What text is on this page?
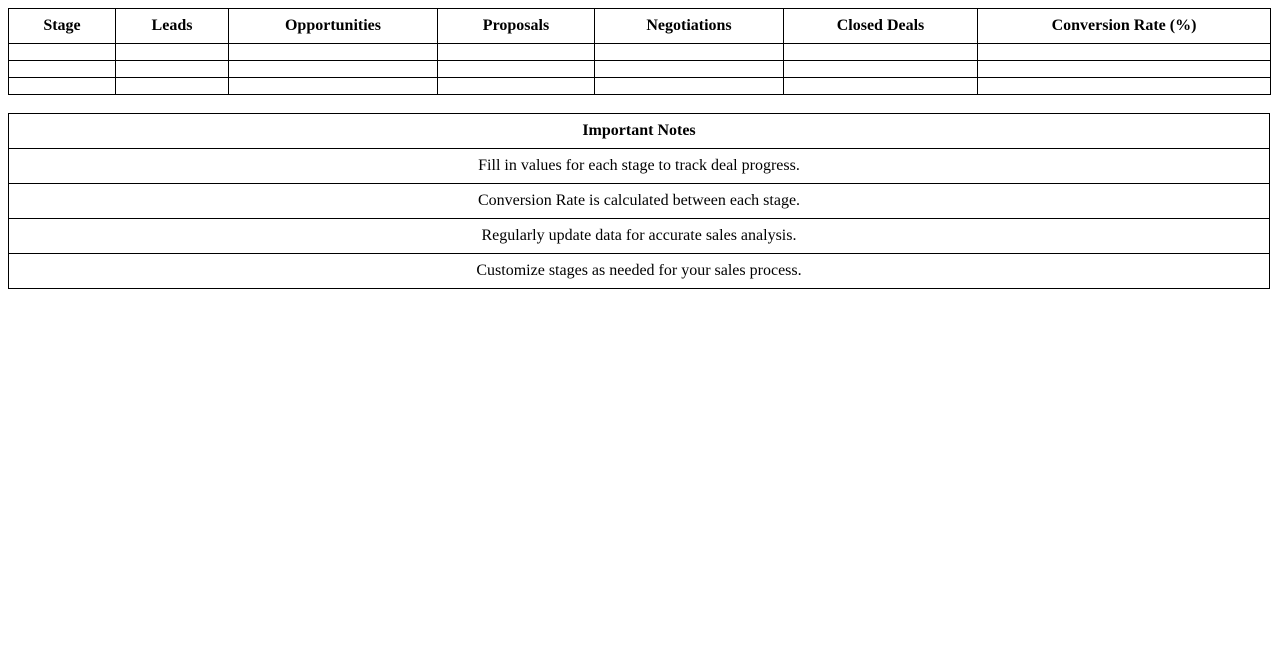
Stage	Leads	Opportunities	Proposals	Negotiations	Closed Deals	Conversion Rate (%)

Important Notes
Fill in values for each stage to track deal progress.
Conversion Rate is calculated between each stage.
Regularly update data for accurate sales analysis.
Customize stages as needed for your sales process.
